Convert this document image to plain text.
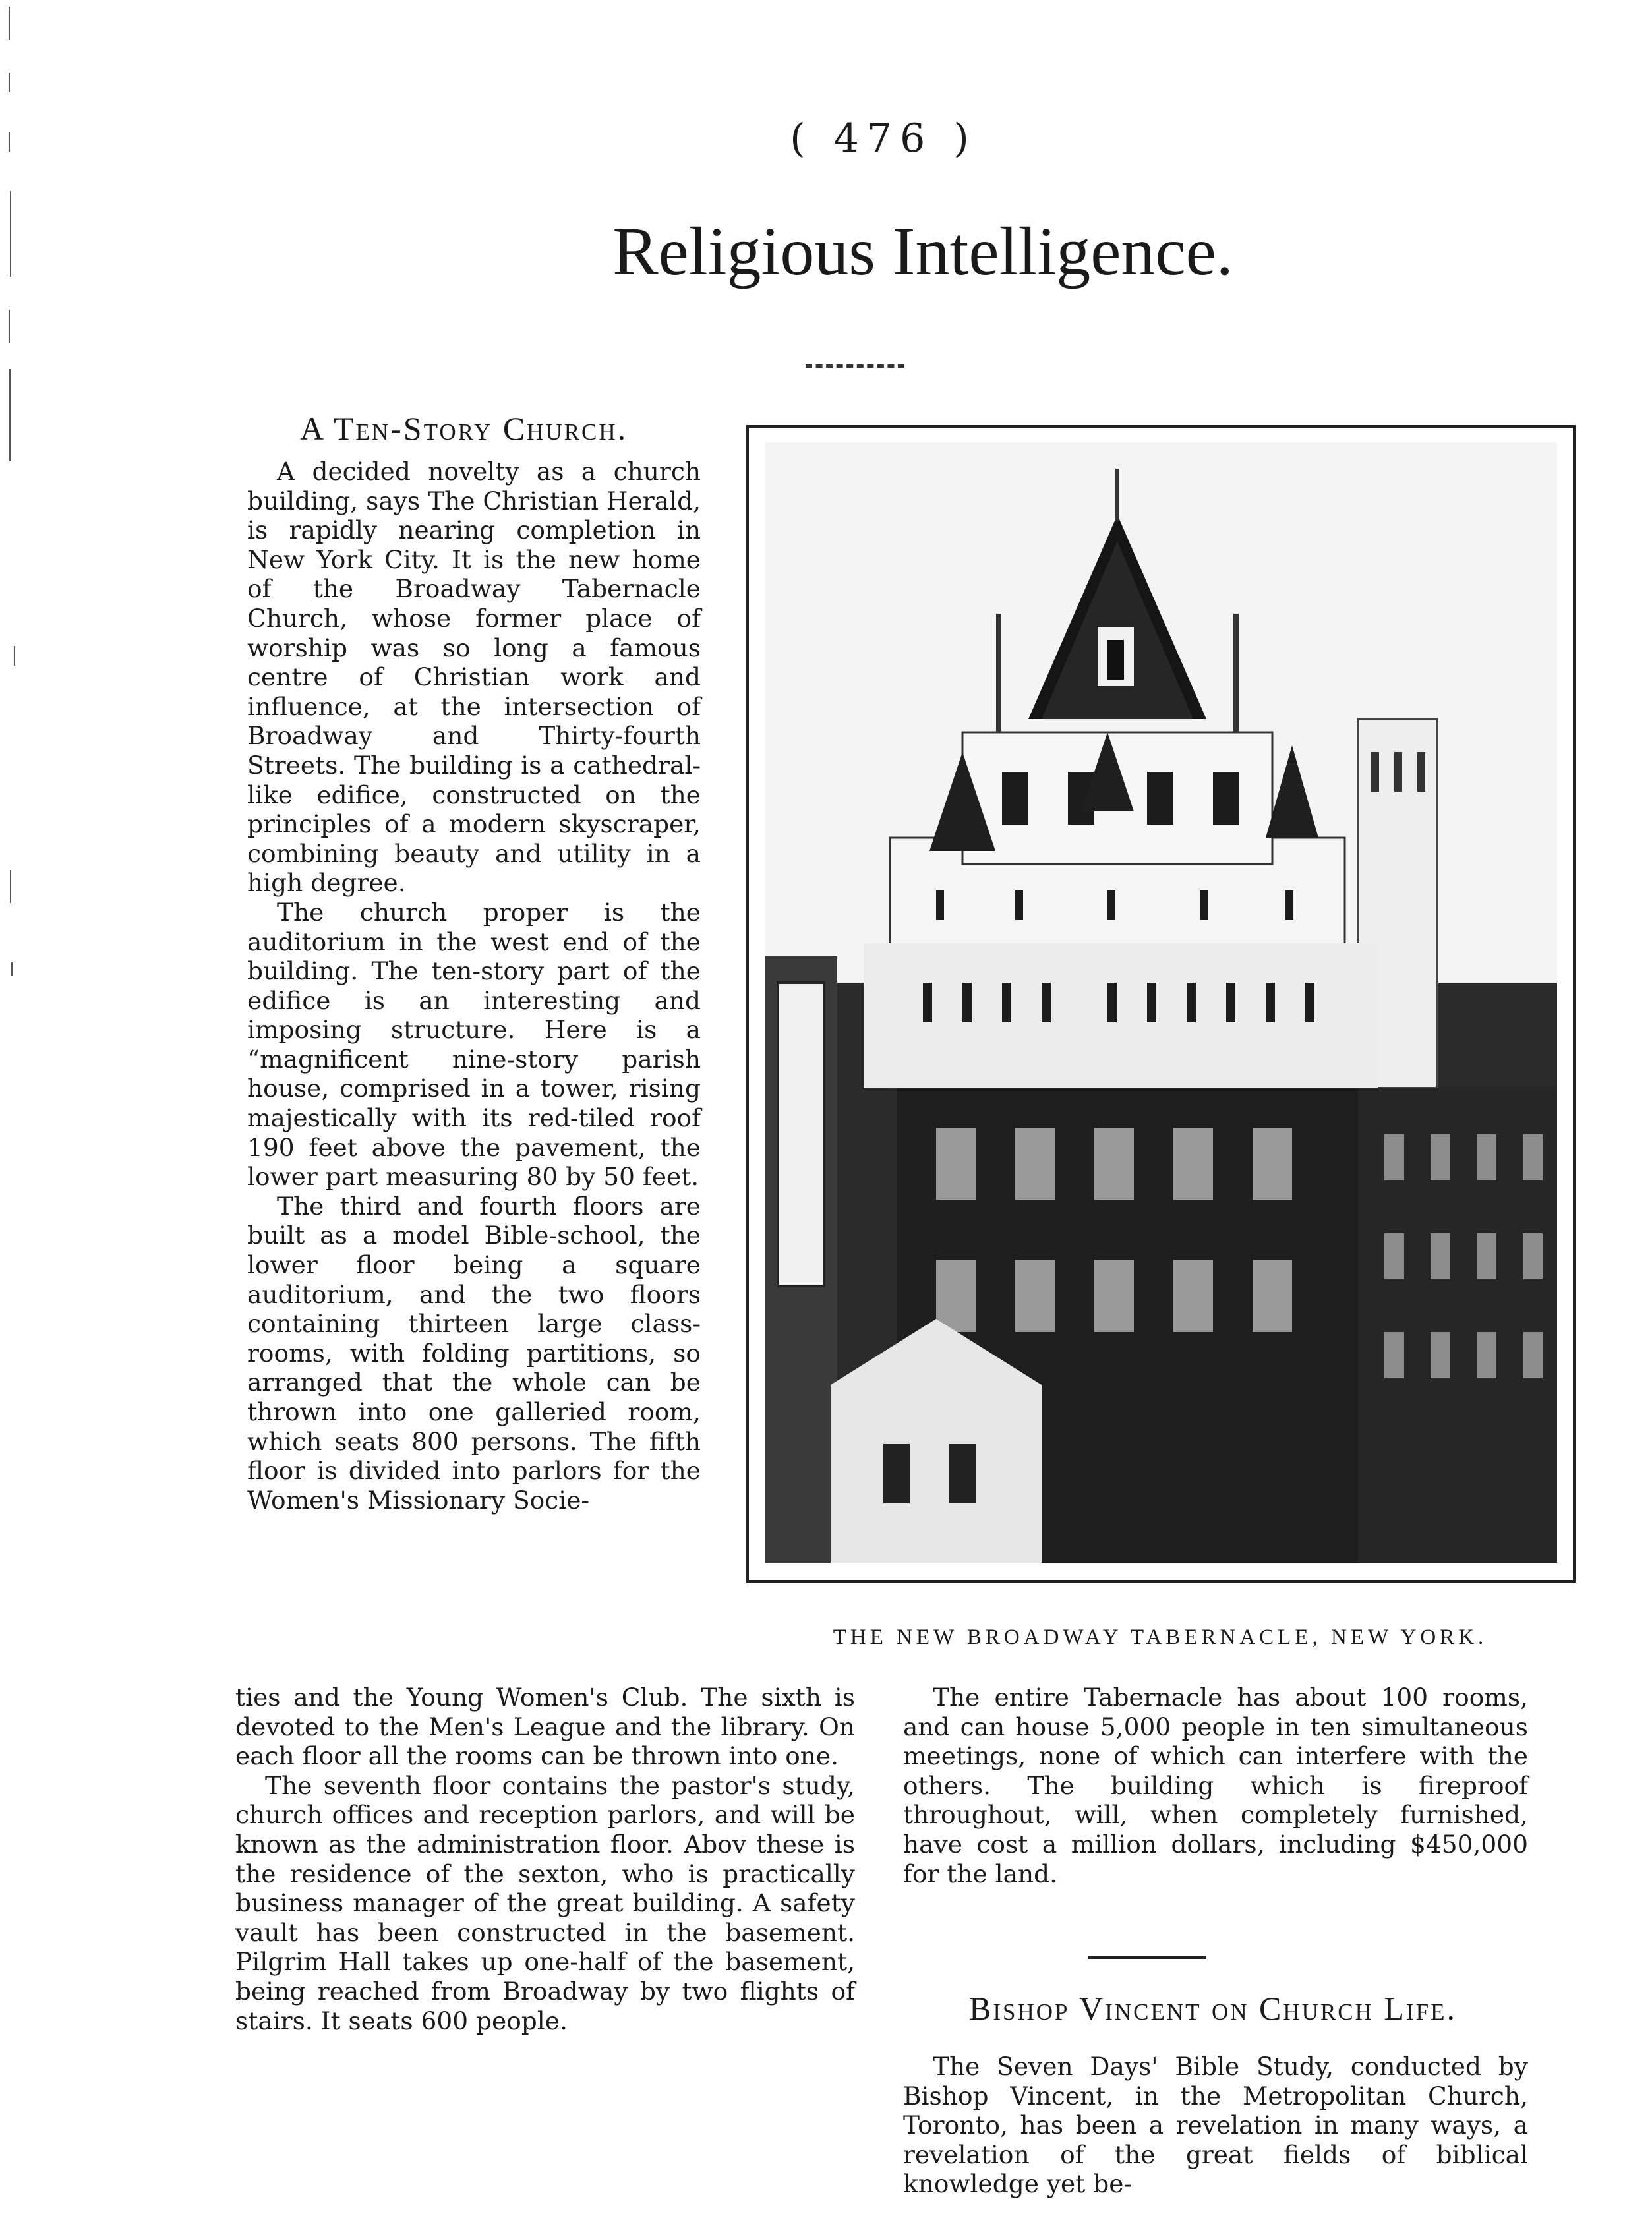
( 476 )
Religious Intelligence.
A Ten-Story Church.

A decided novelty as a church building, says The Christian Herald, is rapidly nearing completion in New York City. It is the new home of the Broadway Tabernacle Church, whose former place of worship was so long a famous centre of Christian work and influence, at the intersection of Broadway and Thirty-fourth Streets. The building is a cathedral-like edifice, constructed on the principles of a modern skyscraper, combining beauty and utility in a high degree.

The church proper is the auditorium in the west end of the building. The ten-story part of the edifice is an interesting and imposing structure. Here is a “magnificent nine-story parish house, comprised in a tower, rising majestically with its red-tiled roof 190 feet above the pavement, the lower part measuring 80 by 50 feet.

The third and fourth floors are built as a model Bible-school, the lower floor being a square auditorium, and the two floors containing thirteen large class-rooms, with folding partitions, so arranged that the whole can be thrown into one galleried room, which seats 800 persons. The fifth floor is divided into parlors for the Women's Missionary Socie-

THE NEW BROADWAY TABERNACLE, NEW YORK.

ties and the Young Women's Club. The sixth is devoted to the Men's League and the library. On each floor all the rooms can be thrown into one.

The seventh floor contains the pastor's study, church offices and reception parlors, and will be known as the administration floor. Abov these is the residence of the sexton, who is practically business manager of the great building. A safety vault has been constructed in the basement. Pilgrim Hall takes up one-half of the basement, being reached from Broadway by two flights of stairs. It seats 600 people.

The entire Tabernacle has about 100 rooms, and can house 5,000 people in ten simultaneous meetings, none of which can interfere with the others. The building which is fireproof throughout, will, when completely furnished, have cost a million dollars, including $450,000 for the land.

Bishop Vincent on Church Life.

The Seven Days' Bible Study, conducted by Bishop Vincent, in the Metropolitan Church, Toronto, has been a revelation in many ways, a revelation of the great fields of biblical knowledge yet be-
